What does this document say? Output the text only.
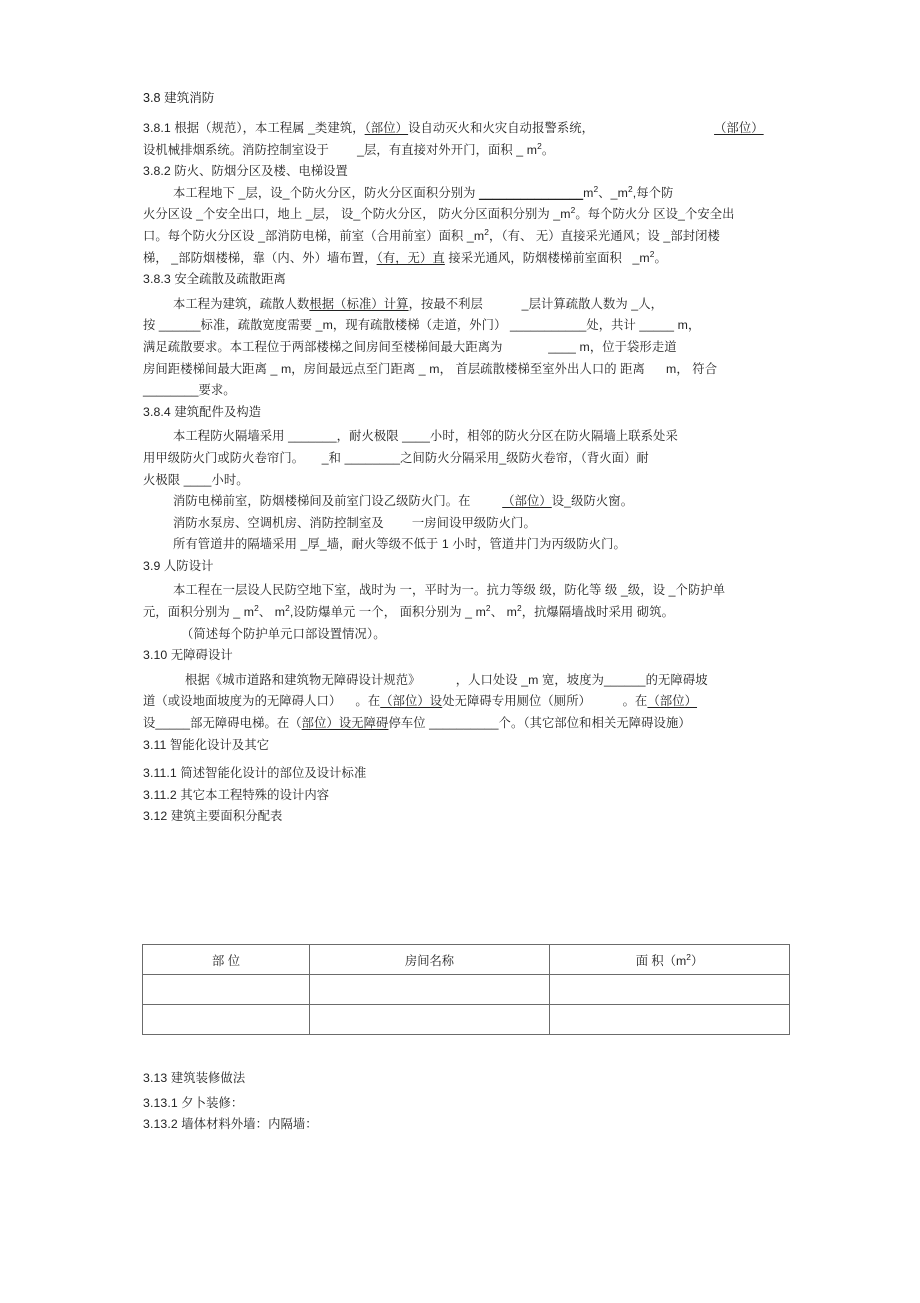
3.8 建筑消防
3.8.1 根据（规范），本工程属 _类建筑，（部位）设自动灭火和火灾自动报警系统，	（部位）
设机械排烟系统。消防控制室设于        _层，有直接对外开门，面积 _ $m^2$。
3.8.2 防火、防烟分区及楼、电梯设置
本工程地下 _层，设_个防火分区，防火分区面积分别为 $\_\_\_\_\_\_\_\_\_\_\_\_\_\_\_m^2$、$\_m^2$,每个防
火分区设 _个安全出口，地上 _层， 设_个防火分区， 防火分区面积分别为 $\_m^2$。每个防火分 区设_个安全出
口。每个防火分区设 _部消防电梯，前室（合用前室）面积 $\_m^2$，（有、 无）直接采光通风；设 _部封闭楼
梯， _部防烟楼梯，靠（内、外）墙布置，（有，无）直 接采光通风，防烟楼梯前室面积   $\_m^2$。
3.8.3 安全疏散及疏散距离
本工程为建筑，疏散人数根据（标准）计算，按最不利层           _层计算疏散人数为 _人，
按 ______标准，疏散宽度需要 _m，现有疏散楼梯（走道，外门） ___________处，共计 _____ m，
满足疏散要求。本工程位于两部楼梯之间房间至楼梯间最大距离为             ____ m，位于袋形走道
房间距楼梯间最大距离 _ m，房间最远点至门距离 _ m， 首层疏散楼梯至室外出人口的 距离      m， 符合
________要求。
3.8.4 建筑配件及构造
本工程防火隔墙采用 _______，耐火极限 ____小时，相邻的防火分区在防火隔墙上联系处采
用甲级防火门或防火卷帘门。     _和 ________之间防火分隔采用_级防火卷帘，（背火面）耐
火极限 ____小时。
消防电梯前室，防烟楼梯间及前室门设乙级防火门。在         （部位）设_级防火窗。
消防水泵房、空调机房、消防控制室及        一房间设甲级防火门。
所有管道井的隔墙采用 _厚_墙，耐火等级不低于 1 小时，管道井门为丙级防火门。
3.9 人防设计
本工程在一层设人民防空地下室，战时为 一，平时为一。抗力等级 级，防化等 级 _级，设 _个防护单
元，面积分别为 _ $m^2$、 $m^2$,设防爆单元 一个， 面积分别为 _ $m^2$、 $m^2$，抗爆隔墙战时采用 砌筑。
（简述每个防护单元口部设置情况）。
3.10 无障碍设计
根据《城市道路和建筑物无障碍设计规范》          ，人口处设 _m 宽，坡度为______的无障碍坡
道（或设地面坡度为的无障碍人口）    。在（部位）设处无障碍专用厕位（厕所）         。在（部位）
设_____部无障碍电梯。在（部位）设无障碍停车位 __________个。（其它部位和相关无障碍设施）
3.11 智能化设计及其它
3.11.1 简述智能化设计的部位及设计标准
3.11.2 其它本工程特殊的设计内容
3.12 建筑主要面积分配表
部 位	房间名称	面 积$(m^2)$

3.13 建筑装修做法
3.13.1 夕卜装修：
3.13.2 墙体材料外墙：内隔墙：
